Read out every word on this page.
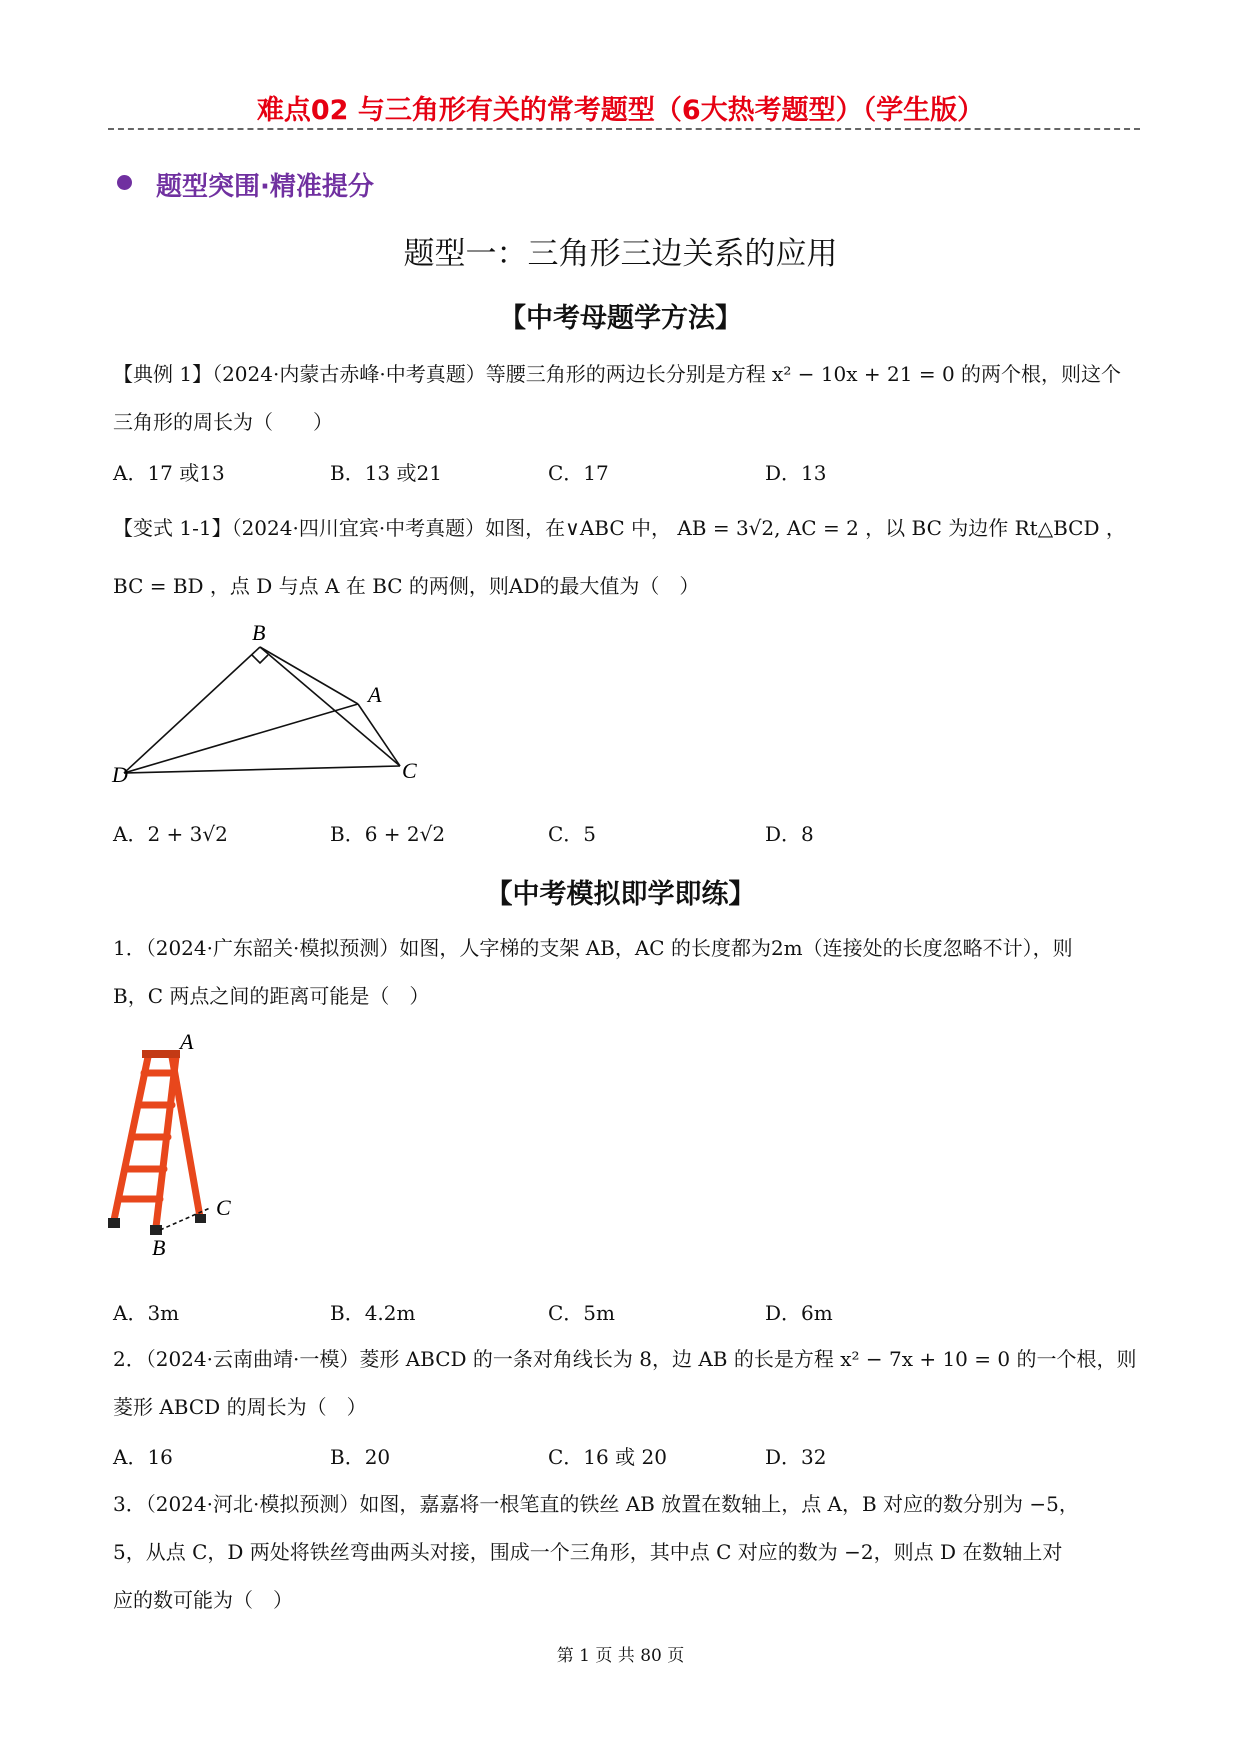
难点02 与三角形有关的常考题型（6大热考题型）（学生版）
题型突围·精准提分
题型一：三角形三边关系的应用
【中考母题学方法】
【典例 1】（2024·内蒙古赤峰·中考真题）等腰三角形的两边长分别是方程 x² − 10x + 21 = 0 的两个根，则这个
三角形的周长为（　　）
A．17 或13	B．13 或21	C．17	D．13
【变式 1-1】（2024·四川宜宾·中考真题）如图，在∨ABC 中， AB = 3√2, AC = 2 ，以 BC 为边作 Rt△BCD ，
BC = BD ，点 D 与点 A 在 BC 的两侧，则AD的最大值为（　）
B
A
D	C
A．2 + 3√2	B．6 + 2√2	C．5	D．8
【中考模拟即学即练】
1．（2024·广东韶关·模拟预测）如图，人字梯的支架 AB，AC 的长度都为2m（连接处的长度忽略不计），则
B，C 两点之间的距离可能是（　）
A
C
B
A．3m	B．4.2m	C．5m	D．6m
2．（2024·云南曲靖·一模）菱形 ABCD 的一条对角线长为 8，边 AB 的长是方程 x² − 7x + 10 = 0 的一个根，则
菱形 ABCD 的周长为（　）
A．16	B．20	C．16 或 20	D．32
3．（2024·河北·模拟预测）如图，嘉嘉将一根笔直的铁丝 AB 放置在数轴上，点 A，B 对应的数分别为 −5，
5，从点 C，D 两处将铁丝弯曲两头对接，围成一个三角形，其中点 C 对应的数为 −2，则点 D 在数轴上对
应的数可能为（　）
第 1 页 共 80 页
